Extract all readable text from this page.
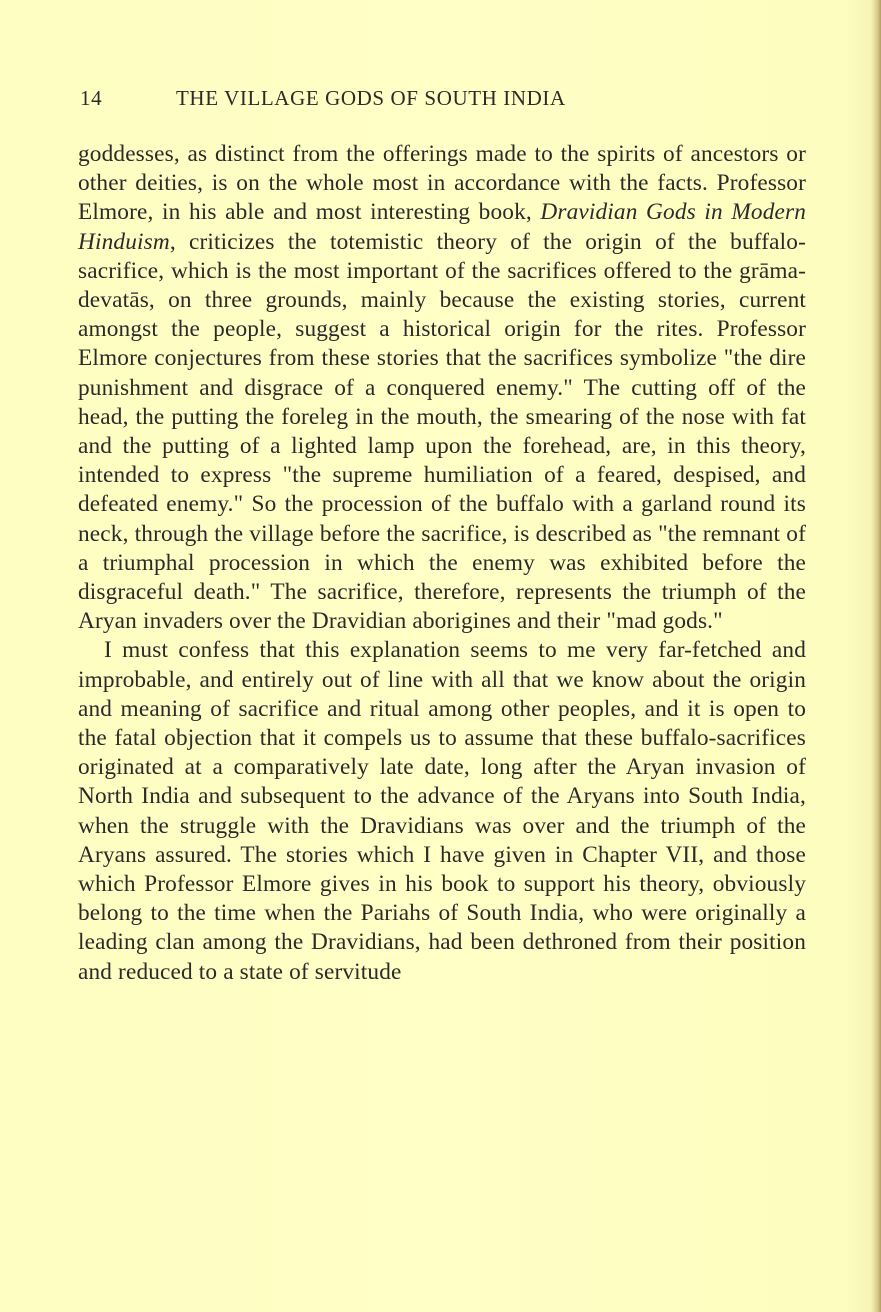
14	THE VILLAGE GODS OF SOUTH INDIA

goddesses, as distinct from the offerings made to the spirits of ancestors or other deities, is on the whole most in accordance with the facts. Professor Elmore, in his able and most interesting book, Dravidian Gods in Modern Hinduism, criticizes the totemistic theory of the origin of the buffalo-sacrifice, which is the most important of the sacrifices offered to the grāma-devatās, on three grounds, mainly because the existing stories, current amongst the people, suggest a historical origin for the rites. Professor Elmore conjectures from these stories that the sacrifices symbolize "the dire punishment and disgrace of a conquered enemy." The cutting off of the head, the putting the foreleg in the mouth, the smearing of the nose with fat and the putting of a lighted lamp upon the forehead, are, in this theory, intended to express "the supreme humiliation of a feared, despised, and defeated enemy." So the procession of the buffalo with a garland round its neck, through the village before the sacrifice, is described as "the remnant of a triumphal procession in which the enemy was exhibited before the disgraceful death." The sacrifice, therefore, represents the triumph of the Aryan invaders over the Dravidian aborigines and their "mad gods."

I must confess that this explanation seems to me very far-fetched and improbable, and entirely out of line with all that we know about the origin and meaning of sacrifice and ritual among other peoples, and it is open to the fatal objection that it compels us to assume that these buffalo-sacrifices originated at a comparatively late date, long after the Aryan invasion of North India and subsequent to the advance of the Aryans into South India, when the struggle with the Dravidians was over and the triumph of the Aryans assured. The stories which I have given in Chapter VII, and those which Professor Elmore gives in his book to support his theory, obviously belong to the time when the Pariahs of South India, who were originally a leading clan among the Dravidians, had been dethroned from their position and reduced to a state of servitude
